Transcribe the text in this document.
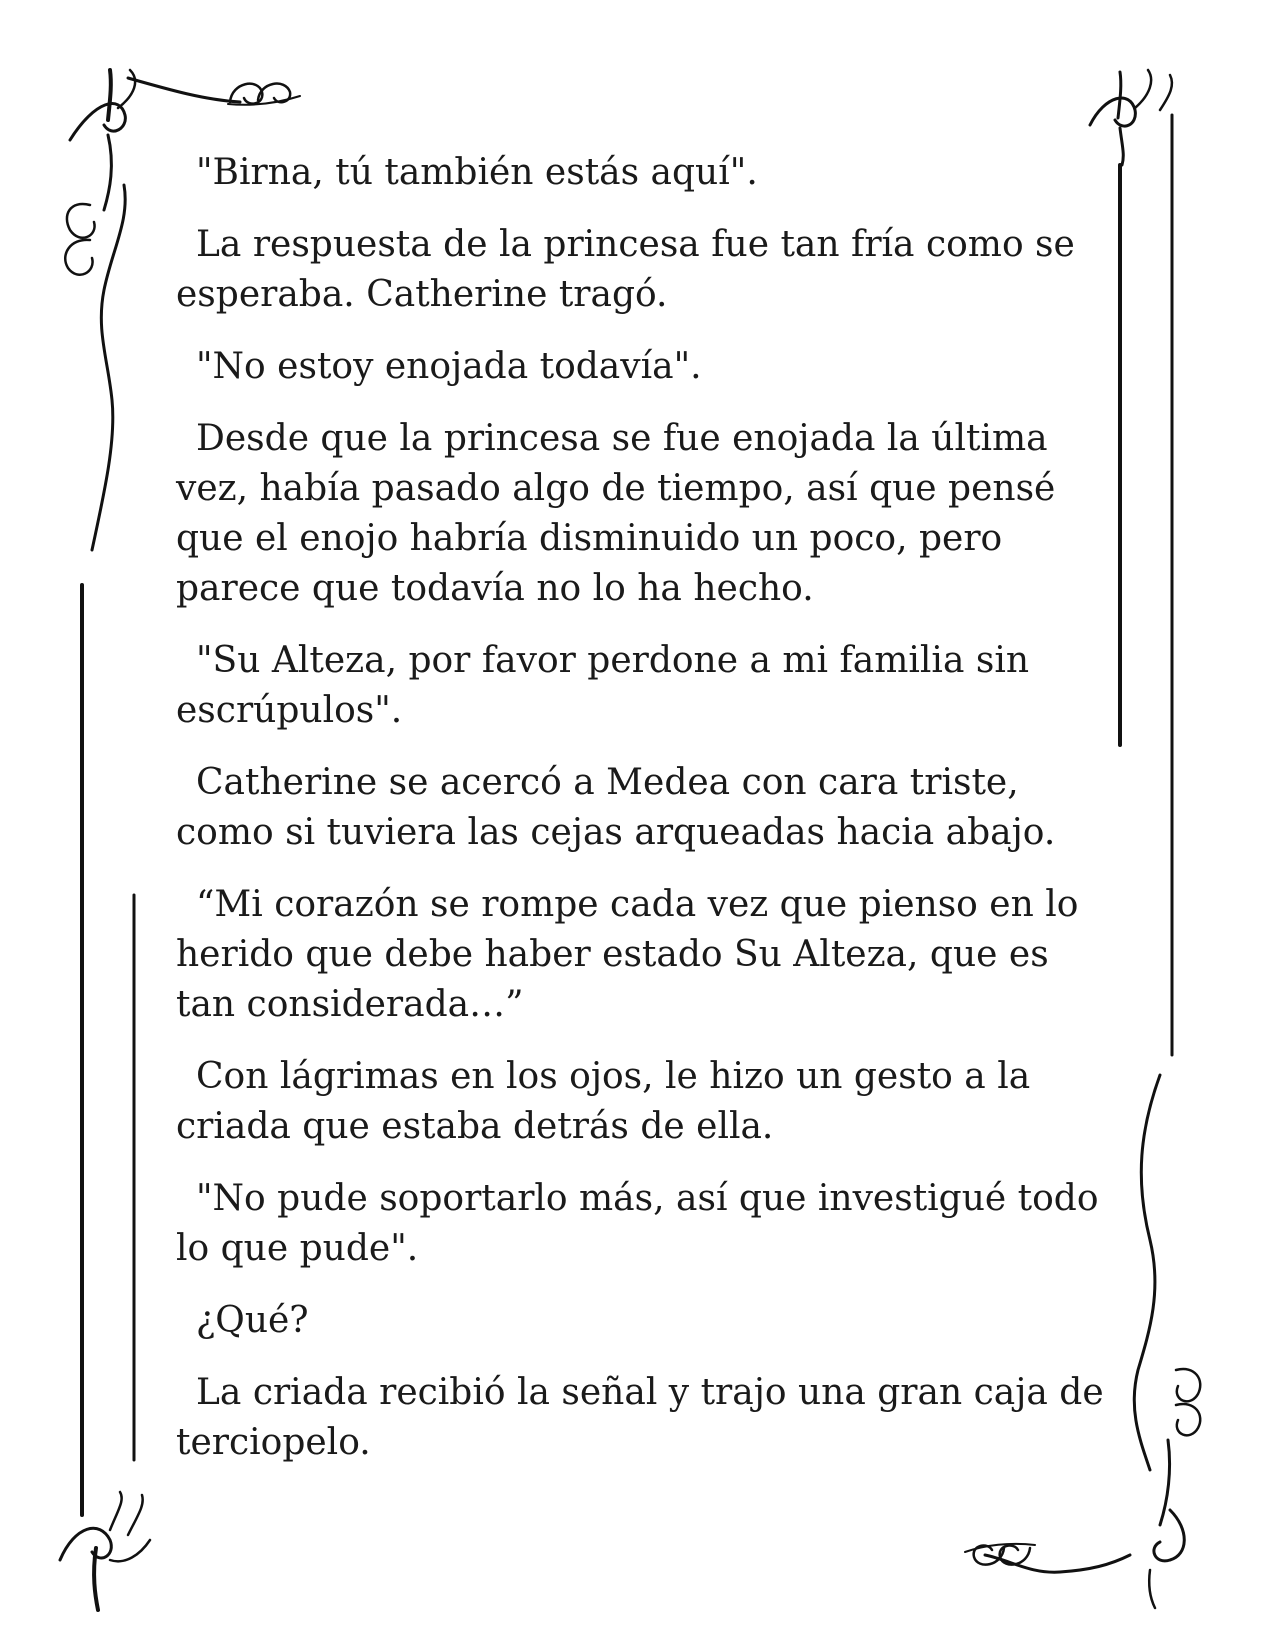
"Birna, tú también estás aquí".

La respuesta de la princesa fue tan fría como se esperaba. Catherine tragó.

"No estoy enojada todavía".

Desde que la princesa se fue enojada la última vez, había pasado algo de tiempo, así que pensé que el enojo habría disminuido un poco, pero parece que todavía no lo ha hecho.

"Su Alteza, por favor perdone a mi familia sin escrúpulos".

Catherine se acercó a Medea con cara triste, como si tuviera las cejas arqueadas hacia abajo.

“Mi corazón se rompe cada vez que pienso en lo herido que debe haber estado Su Alteza, que es tan considerada…”

Con lágrimas en los ojos, le hizo un gesto a la criada que estaba detrás de ella.

"No pude soportarlo más, así que investigué todo lo que pude".

¿Qué?

La criada recibió la señal y trajo una gran caja de terciopelo.
